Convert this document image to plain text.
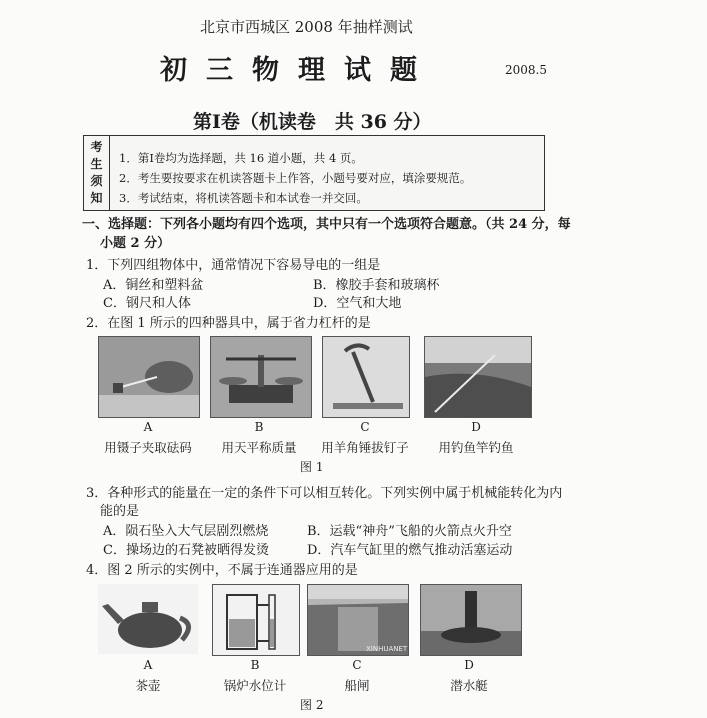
北京市西城区 2008 年抽样测试
初三物理试题	2008.5
第Ⅰ卷（机读卷　共 36 分）
考
生
须
知
1．第Ⅰ卷均为选择题，共 16 道小题，共 4 页。
2．考生要按要求在机读答题卡上作答，小题号要对应，填涂要规范。
3．考试结束，将机读答题卡和本试卷一并交回。
一、选择题：下列各小题均有四个选项，其中只有一个选项符合题意。（共 24 分，每
小题 2 分）
1．下列四组物体中，通常情况下容易导电的一组是
A．铜丝和塑料盆	B．橡胶手套和玻璃杯
C．钢尺和人体	D．空气和大地
2．在图 1 所示的四种器具中，属于省力杠杆的是
A	B	C	D
用镊子夹取砝码	用天平称质量	用羊角锤拔钉子	用钓鱼竿钓鱼
图 1
3．各种形式的能量在一定的条件下可以相互转化。下列实例中属于机械能转化为内
能的是
A．陨石坠入大气层剧烈燃烧	B．运载“神舟”飞船的火箭点火升空
C．操场边的石凳被晒得发烫	D．汽车气缸里的燃气推动活塞运动
4．图 2 所示的实例中，不属于连通器应用的是
XINHUANET
A	B	C	D
茶壶	锅炉水位计	船闸	潜水艇
图 2
